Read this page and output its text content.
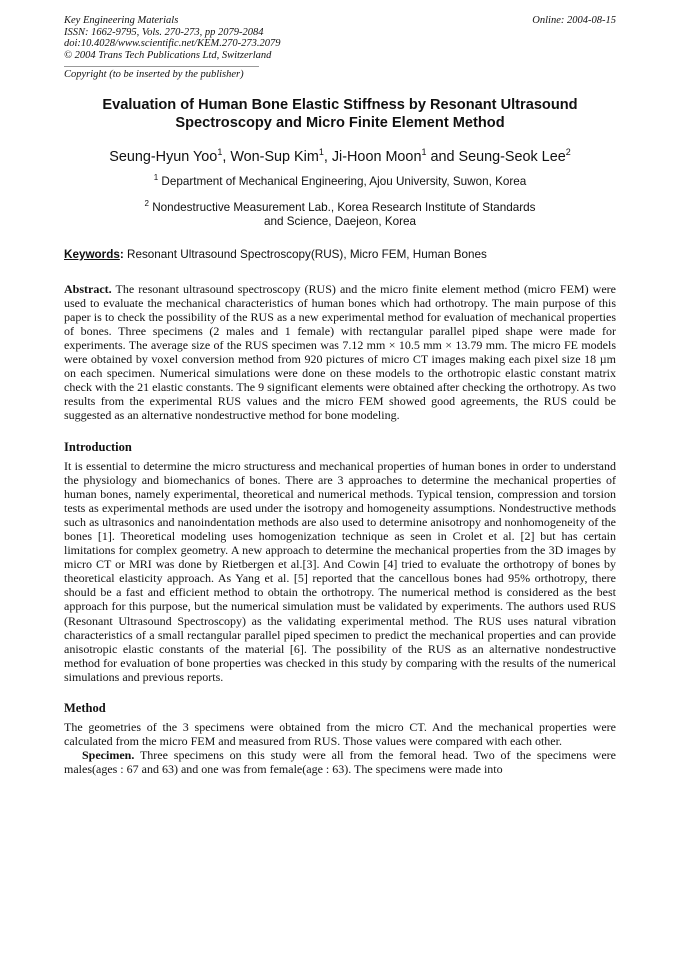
Key Engineering Materials
ISSN: 1662-9795, Vols. 270-273, pp 2079-2084
doi:10.4028/www.scientific.net/KEM.270-273.2079
© 2004 Trans Tech Publications Ltd, Switzerland
Online: 2004-08-15
Copyright (to be inserted by the publisher)
Evaluation of Human Bone Elastic Stiffness by Resonant Ultrasound
Spectroscopy and Micro Finite Element Method
Seung-Hyun Yoo$^1$, Won-Sup Kim$^1$, Ji-Hoon Moon$^1$ and Seung-Seok Lee$^2$
$^1$ Department of Mechanical Engineering, Ajou University, Suwon, Korea
$^2$ Nondestructive Measurement Lab., Korea Research Institute of Standards
and Science, Daejeon, Korea
Keywords: Resonant Ultrasound Spectroscopy(RUS), Micro FEM, Human Bones

Abstract. The resonant ultrasound spectroscopy (RUS) and the micro finite element method (micro FEM) were used to evaluate the mechanical characteristics of human bones which had orthotropy. The main purpose of this paper is to check the possibility of the RUS as a new experimental method for evaluation of mechanical properties of bones. Three specimens (2 males and 1 female) with rectangular parallel piped shape were made for experiments. The average size of the RUS specimen was 7.12 mm × 10.5 mm × 13.79 mm. The micro FE models were obtained by voxel conversion method from 920 pictures of micro CT images making each pixel size 18 µm on each specimen. Numerical simulations were done on these models to the orthotropic elastic constant matrix check with the 21 elastic constants. The 9 significant elements were obtained after checking the orthotropy. As two results from the experimental RUS values and the micro FEM showed good agreements, the RUS could be suggested as an alternative nondestructive method for bone modeling.

Introduction

It is essential to determine the micro structuress and mechanical properties of human bones in order to understand the physiology and biomechanics of bones. There are 3 approaches to determine the mechanical properties of human bones, namely experimental, theoretical and numerical methods. Typical tension, compression and torsion tests as experimental methods are used under the isotropy and homogeneity assumptions. Nondestructive methods such as ultrasonics and nanoindentation methods are also used to determine anisotropy and nonhomogeneity of the bones [1]. Theoretical modeling uses homogenization technique as seen in Crolet et al. [2] but has certain limitations for complex geometry. A new approach to determine the mechanical properties from the 3D images by micro CT or MRI was done by Rietbergen et al.[3]. And Cowin [4] tried to evaluate the orthotropy of bones by theoretical elasticity approach. As Yang et al. [5] reported that the cancellous bones had 95% orthotropy, there should be a fast and efficient method to obtain the orthotropy. The numerical method is considered as the best approach for this purpose, but the numerical simulation must be validated by experiments. The authors used RUS (Resonant Ultrasound Spectroscopy) as the validating experimental method. The RUS uses natural vibration characteristics of a small rectangular parallel piped specimen to predict the mechanical properties and can provide anisotropic elastic constants of the material [6]. The possibility of the RUS as an alternative nondestructive method for evaluation of bone properties was checked in this study by comparing with the results of the numerical simulations and previous reports.

Method

The geometries of the 3 specimens were obtained from the micro CT. And the mechanical properties were calculated from the micro FEM and measured from RUS. Those values were compared with each other.

Specimen. Three specimens on this study were all from the femoral head. Two of the specimens were males(ages : 67 and 63) and one was from female(age : 63). The specimens were made into
